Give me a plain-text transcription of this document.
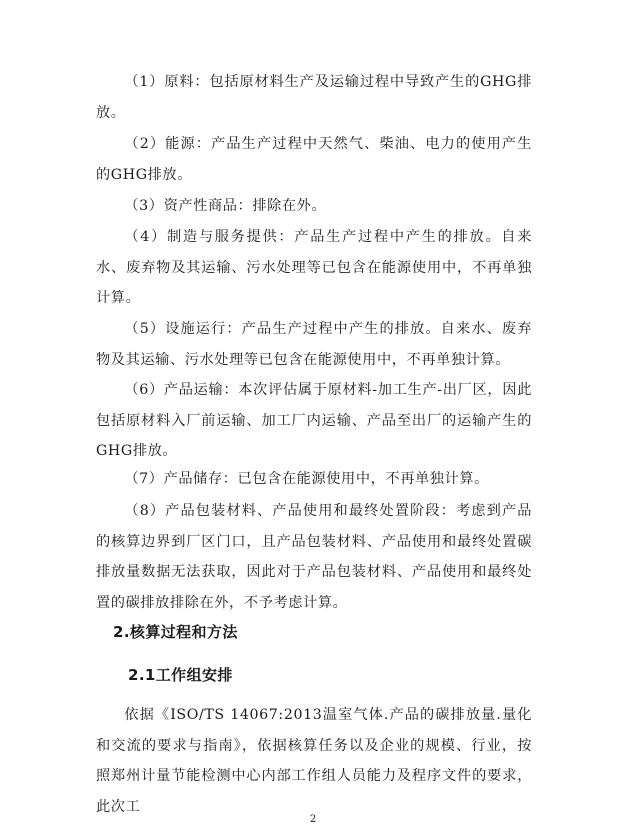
（1）原料：包括原材料生产及运输过程中导致产生的GHG排放。

（2）能源：产品生产过程中天然气、柴油、电力的使用产生的GHG排放。

（3）资产性商品：排除在外。

（4）制造与服务提供：产品生产过程中产生的排放。自来水、废弃物及其运输、污水处理等已包含在能源使用中，不再单独计算。

（5）设施运行：产品生产过程中产生的排放。自来水、废弃物及其运输、污水处理等已包含在能源使用中，不再单独计算。

（6）产品运输：本次评估属于原材料-加工生产-出厂区，因此包括原材料入厂前运输、加工厂内运输、产品至出厂的运输产生的GHG排放。

（7）产品储存：已包含在能源使用中，不再单独计算。

（8）产品包装材料、产品使用和最终处置阶段：考虑到产品的核算边界到厂区门口，且产品包装材料、产品使用和最终处置碳排放量数据无法获取，因此对于产品包装材料、产品使用和最终处置的碳排放排除在外，不予考虑计算。

2.核算过程和方法
2.1工作组安排

依据《ISO/TS 14067:2013温室气体.产品的碳排放量.量化和交流的要求与指南》，依据核算任务以及企业的规模、行业，按照郑州计量节能检测中心内部工作组人员能力及程序文件的要求，此次工

2
